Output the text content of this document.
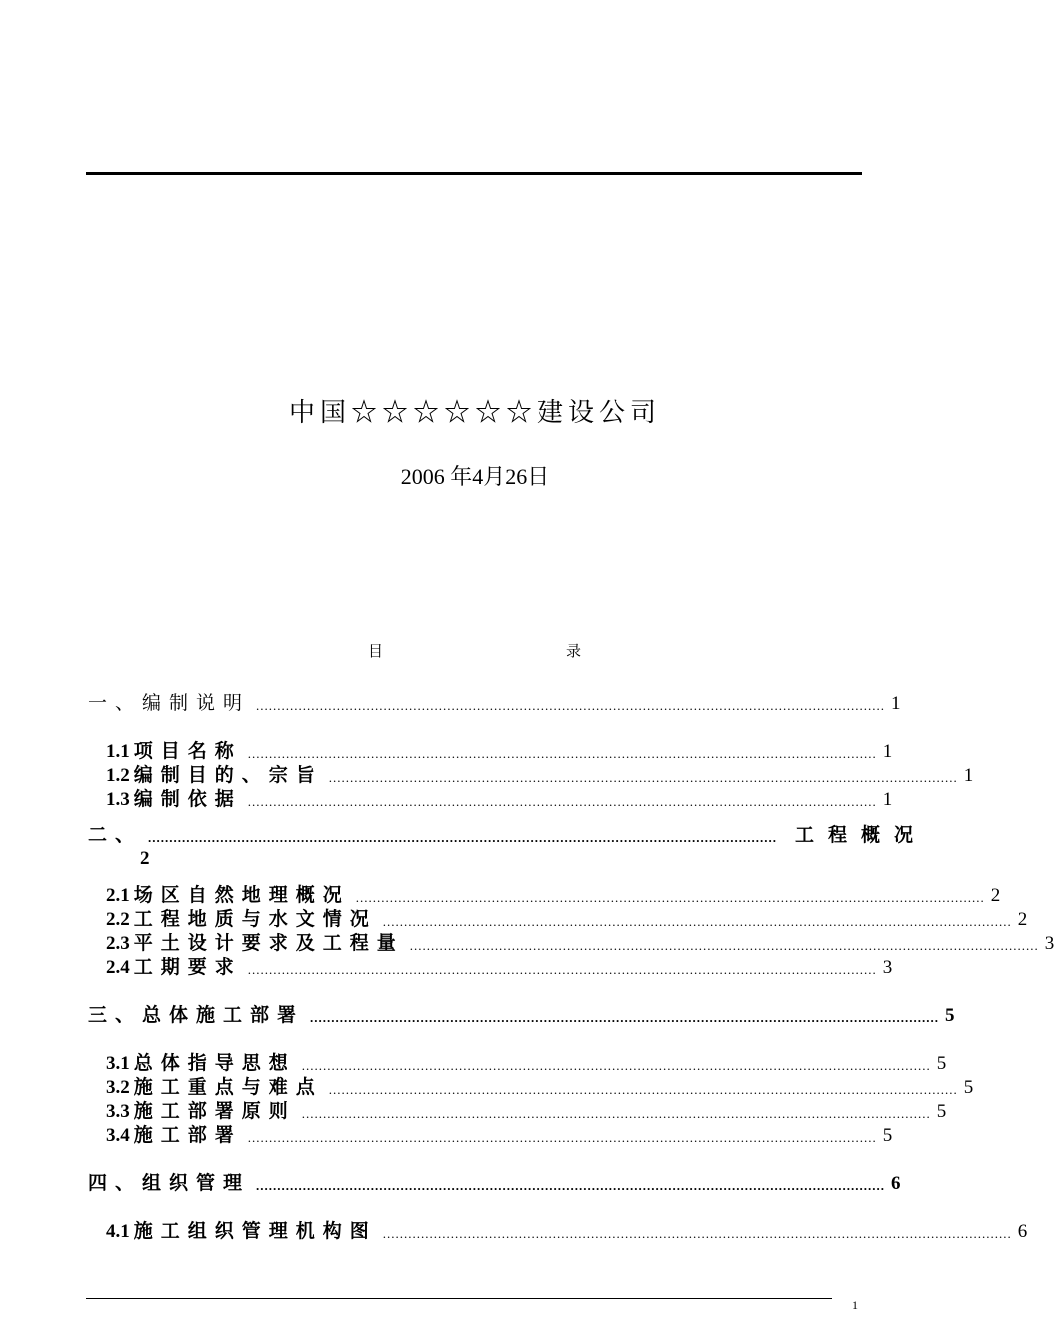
中国☆☆☆☆☆☆建设公司
2006 年4月26日
目	录
一、编制说明 .................................................................................................................................................... 1
1.1 项目名称 .................................................................................................................................................... 1
1.2 编制目的、宗旨 .................................................................................................................................................... 1
1.3 编制依据 .................................................................................................................................................... 1
二、 .................................................................................................................................................... 工程概况
2
2.1 场区自然地理概况 .................................................................................................................................................... 2
2.2 工程地质与水文情况 .................................................................................................................................................... 2
2.3 平土设计要求及工程量 .................................................................................................................................................... 3
2.4 工期要求 .................................................................................................................................................... 3
三、总体施工部署 .................................................................................................................................................... 5
3.1 总体指导思想 .................................................................................................................................................... 5
3.2 施工重点与难点 .................................................................................................................................................... 5
3.3 施工部署原则 .................................................................................................................................................... 5
3.4 施工部署 .................................................................................................................................................... 5
四、组织管理 .................................................................................................................................................... 6
4.1 施工组织管理机构图 .................................................................................................................................................... 6
1
